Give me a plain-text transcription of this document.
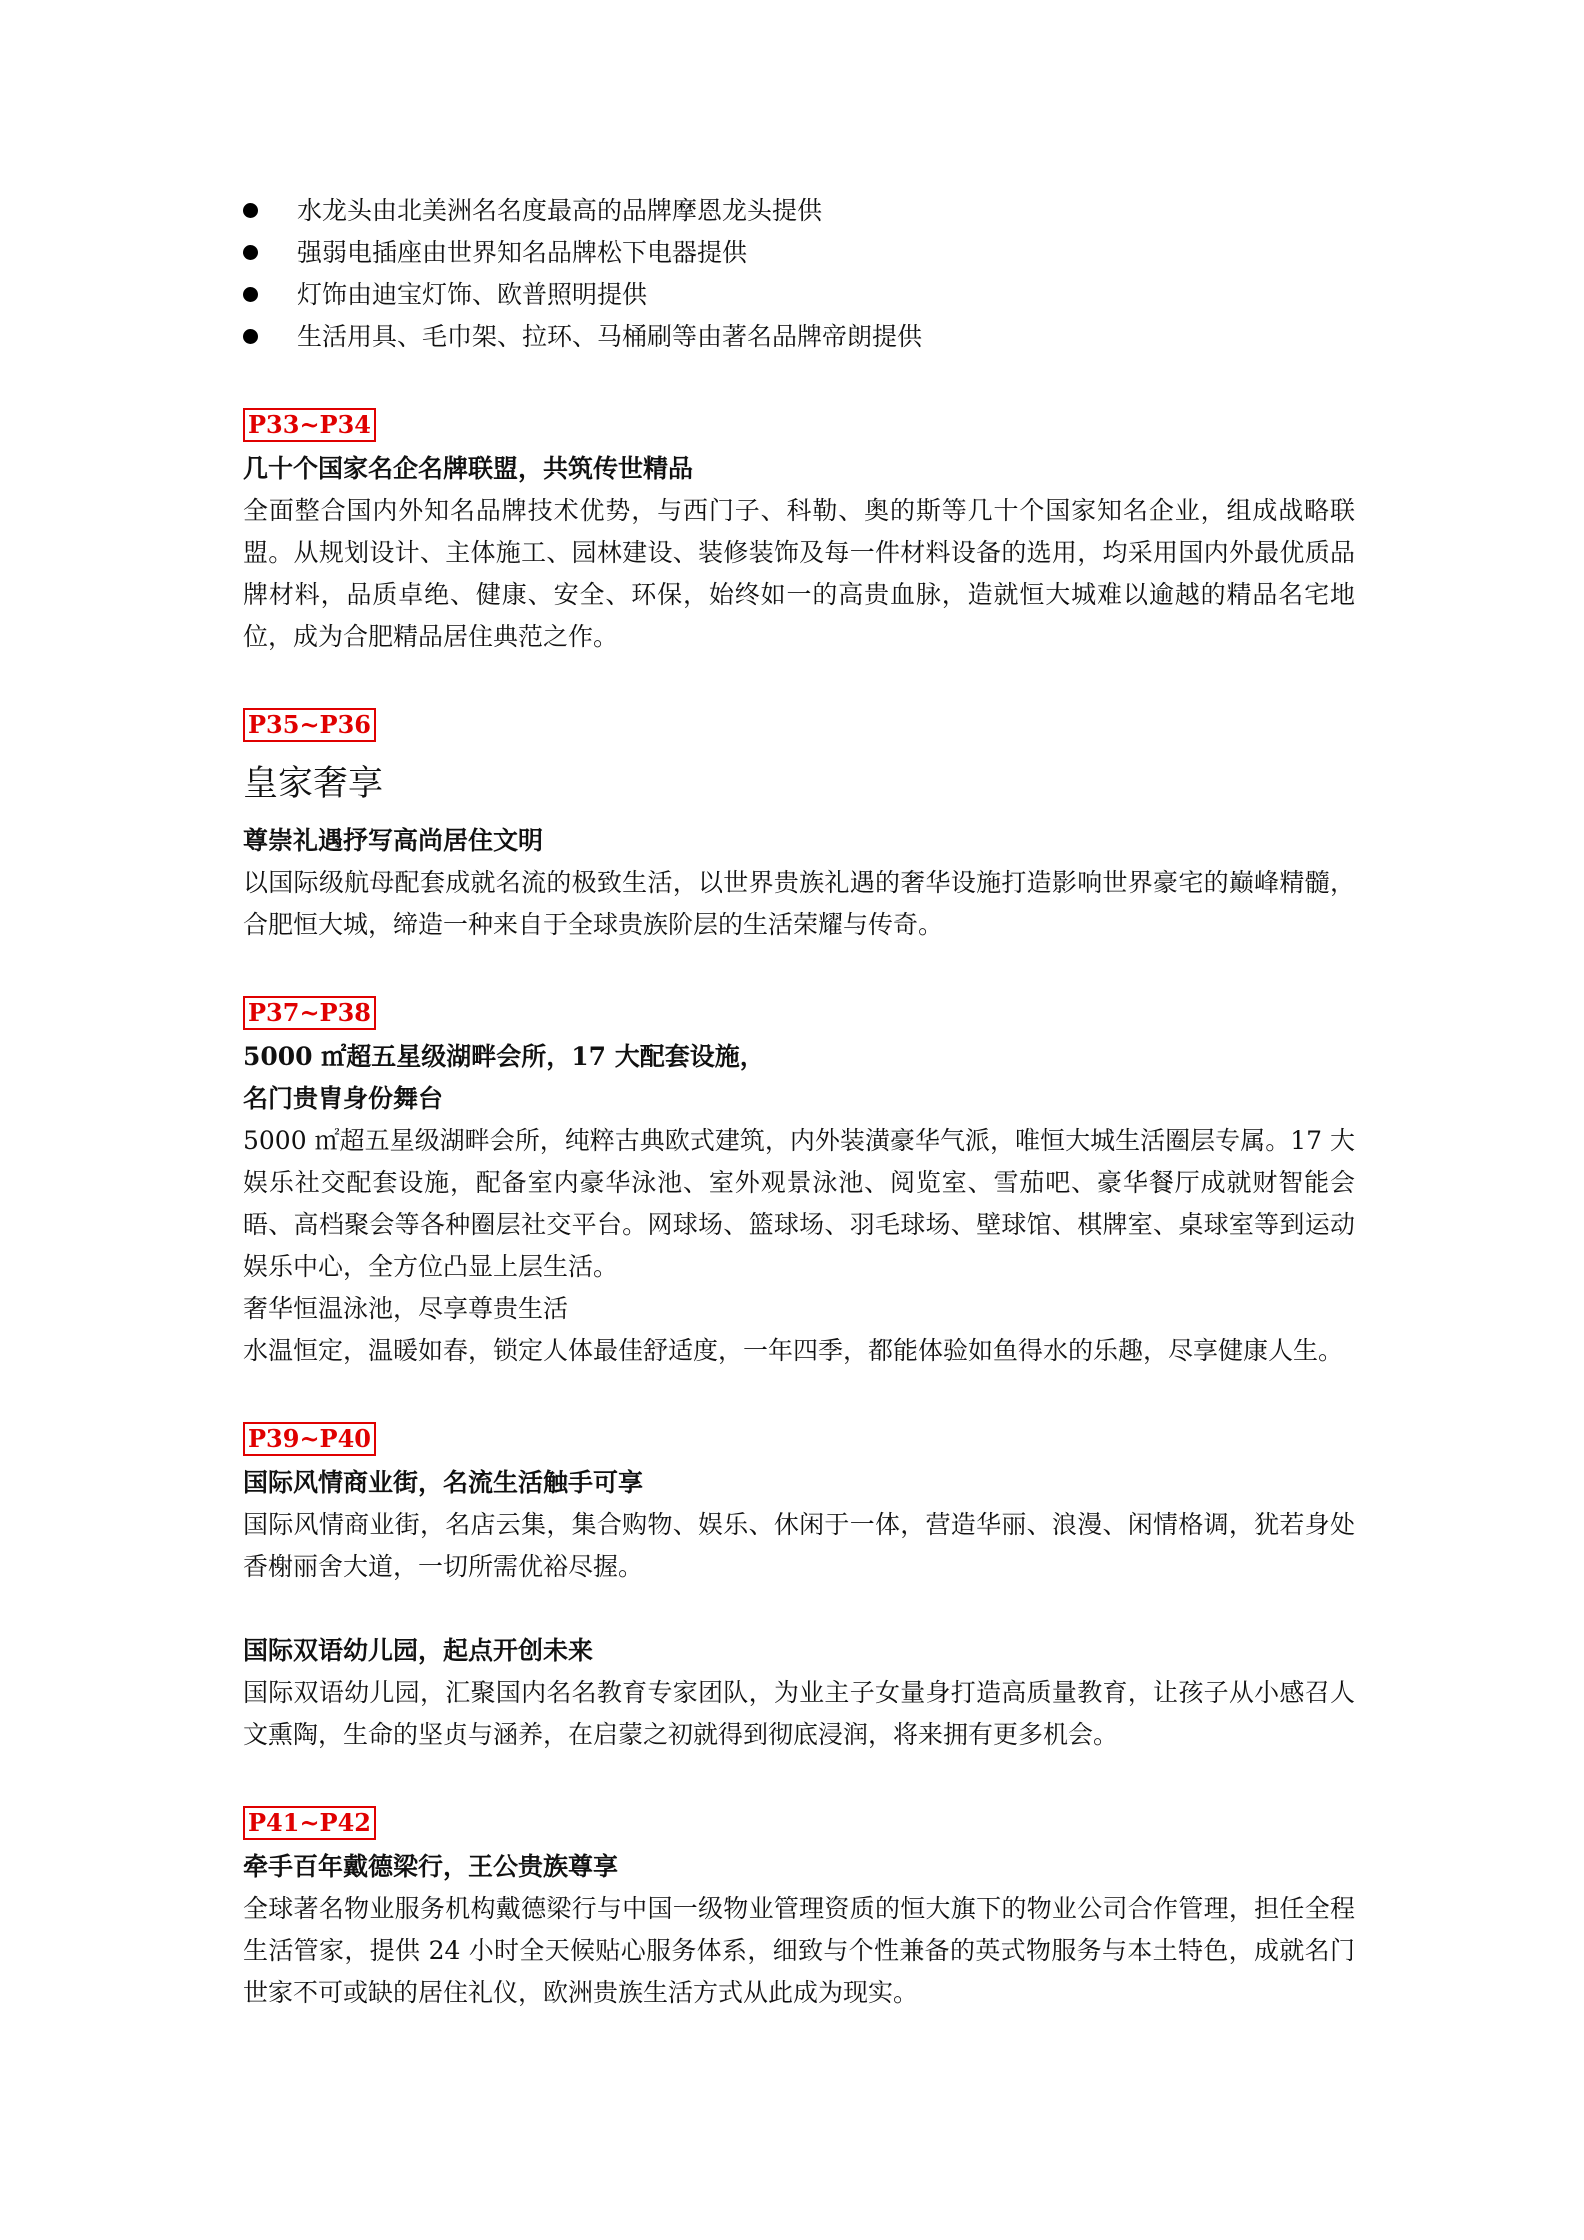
水龙头由北美洲名名度最高的品牌摩恩龙头提供
强弱电插座由世界知名品牌松下电器提供
灯饰由迪宝灯饰、欧普照明提供
生活用具、毛巾架、拉环、马桶刷等由著名品牌帝朗提供
P33~P34

几十个国家名企名牌联盟，共筑传世精品

全面整合国内外知名品牌技术优势，与西门子、科勒、奥的斯等几十个国家知名企业，组成战略联盟。从规划设计、主体施工、园林建设、装修装饰及每一件材料设备的选用，均采用国内外最优质品牌材料，品质卓绝、健康、安全、环保，始终如一的高贵血脉，造就恒大城难以逾越的精品名宅地位，成为合肥精品居住典范之作。

P35~P36

皇家奢享

尊崇礼遇抒写高尚居住文明

以国际级航母配套成就名流的极致生活，以世界贵族礼遇的奢华设施打造影响世界豪宅的巅峰精髓，合肥恒大城，缔造一种来自于全球贵族阶层的生活荣耀与传奇。

P37~P38

5000 ㎡超五星级湖畔会所，17 大配套设施，

名门贵胄身份舞台

5000 ㎡超五星级湖畔会所，纯粹古典欧式建筑，内外装潢豪华气派，唯恒大城生活圈层专属。17 大娱乐社交配套设施，配备室内豪华泳池、室外观景泳池、阅览室、雪茄吧、豪华餐厅成就财智能会晤、高档聚会等各种圈层社交平台。网球场、篮球场、羽毛球场、壁球馆、棋牌室、桌球室等到运动娱乐中心，全方位凸显上层生活。

奢华恒温泳池，尽享尊贵生活

水温恒定，温暖如春，锁定人体最佳舒适度，一年四季，都能体验如鱼得水的乐趣，尽享健康人生。

P39~P40

国际风情商业街，名流生活触手可享

国际风情商业街，名店云集，集合购物、娱乐、休闲于一体，营造华丽、浪漫、闲情格调，犹若身处香榭丽舍大道，一切所需优裕尽握。

国际双语幼儿园，起点开创未来

国际双语幼儿园，汇聚国内名名教育专家团队，为业主子女量身打造高质量教育，让孩子从小感召人文熏陶，生命的坚贞与涵养，在启蒙之初就得到彻底浸润，将来拥有更多机会。

P41~P42

牵手百年戴德梁行，王公贵族尊享

全球著名物业服务机构戴德梁行与中国一级物业管理资质的恒大旗下的物业公司合作管理，担任全程生活管家，提供 24 小时全天候贴心服务体系，细致与个性兼备的英式物服务与本土特色，成就名门世家不可或缺的居住礼仪，欧洲贵族生活方式从此成为现实。
